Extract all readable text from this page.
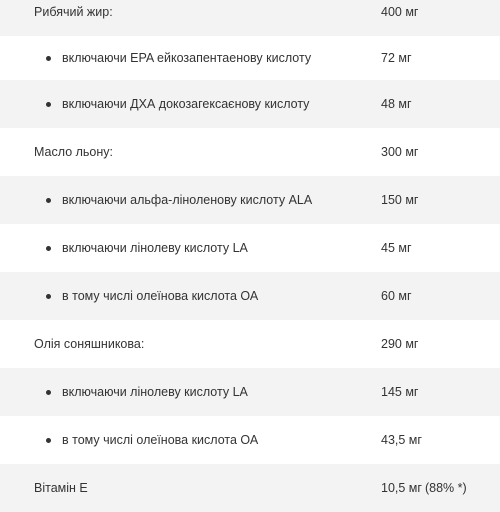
Рибячий жир:	400 мг
включаючи EPA ейкозапентаенову кислоту	72 мг
включаючи ДХА докозагексаєнову кислоту	48 мг
Масло льону:	300 мг
включаючи альфа-ліноленову кислоту ALA	150 мг
включаючи лінолеву кислоту LA	45 мг
в тому числі олеїнова кислота ОА	60 мг
Олія соняшникова:	290 мг
включаючи лінолеву кислоту LA	145 мг
в тому числі олеїнова кислота ОА	43,5 мг
Вітамін Е	10,5 мг (88% *)
